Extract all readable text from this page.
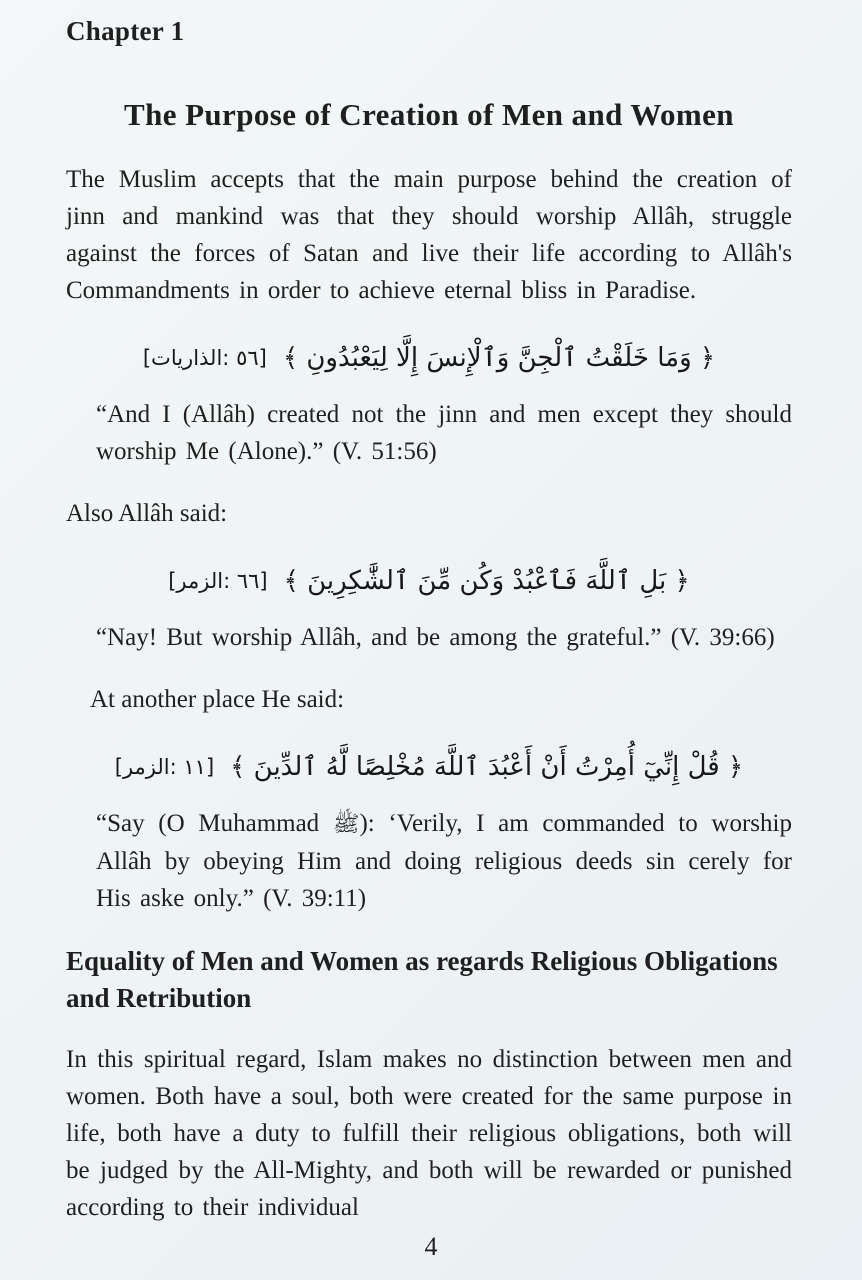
Chapter 1
The Purpose of Creation of Men and Women

The Muslim accepts that the main purpose behind the creation of jinn and mankind was that they should worship Allâh, struggle against the forces of Satan and live their life according to Allâh's Commandments in order to achieve eternal bliss in Paradise.

[الذاريات: ٥٦] ﴿ وَمَا خَلَقْتُ ٱلْجِنَّ وَٱلْإِنسَ إِلَّا لِيَعْبُدُونِ ﴾

“And I (Allâh) created not the jinn and men except they should worship Me (Alone).” (V. 51:56)

Also Allâh said:

[الزمر: ٦٦] ﴿ بَلِ ٱللَّهَ فَٱعْبُدْ وَكُن مِّنَ ٱلشَّٰكِرِينَ ﴾

“Nay! But worship Allâh, and be among the grateful.” (V. 39:66)

At another place He said:

[الزمر: ١١] ﴿ قُلْ إِنِّيٓ أُمِرْتُ أَنْ أَعْبُدَ ٱللَّهَ مُخْلِصًا لَّهُ ٱلدِّينَ ﴾

“Say (O Muhammad ﷺ): ‘Verily, I am commanded to worship Allâh by obeying Him and doing religious deeds sin cerely for His aske only.” (V. 39:11)

Equality of Men and Women as regards Religious Obligations and Retribution

In this spiritual regard, Islam makes no distinction between men and women. Both have a soul, both were created for the same purpose in life, both have a duty to fulfill their religious obligations, both will be judged by the All-Mighty, and both will be rewarded or punished according to their individual

4
